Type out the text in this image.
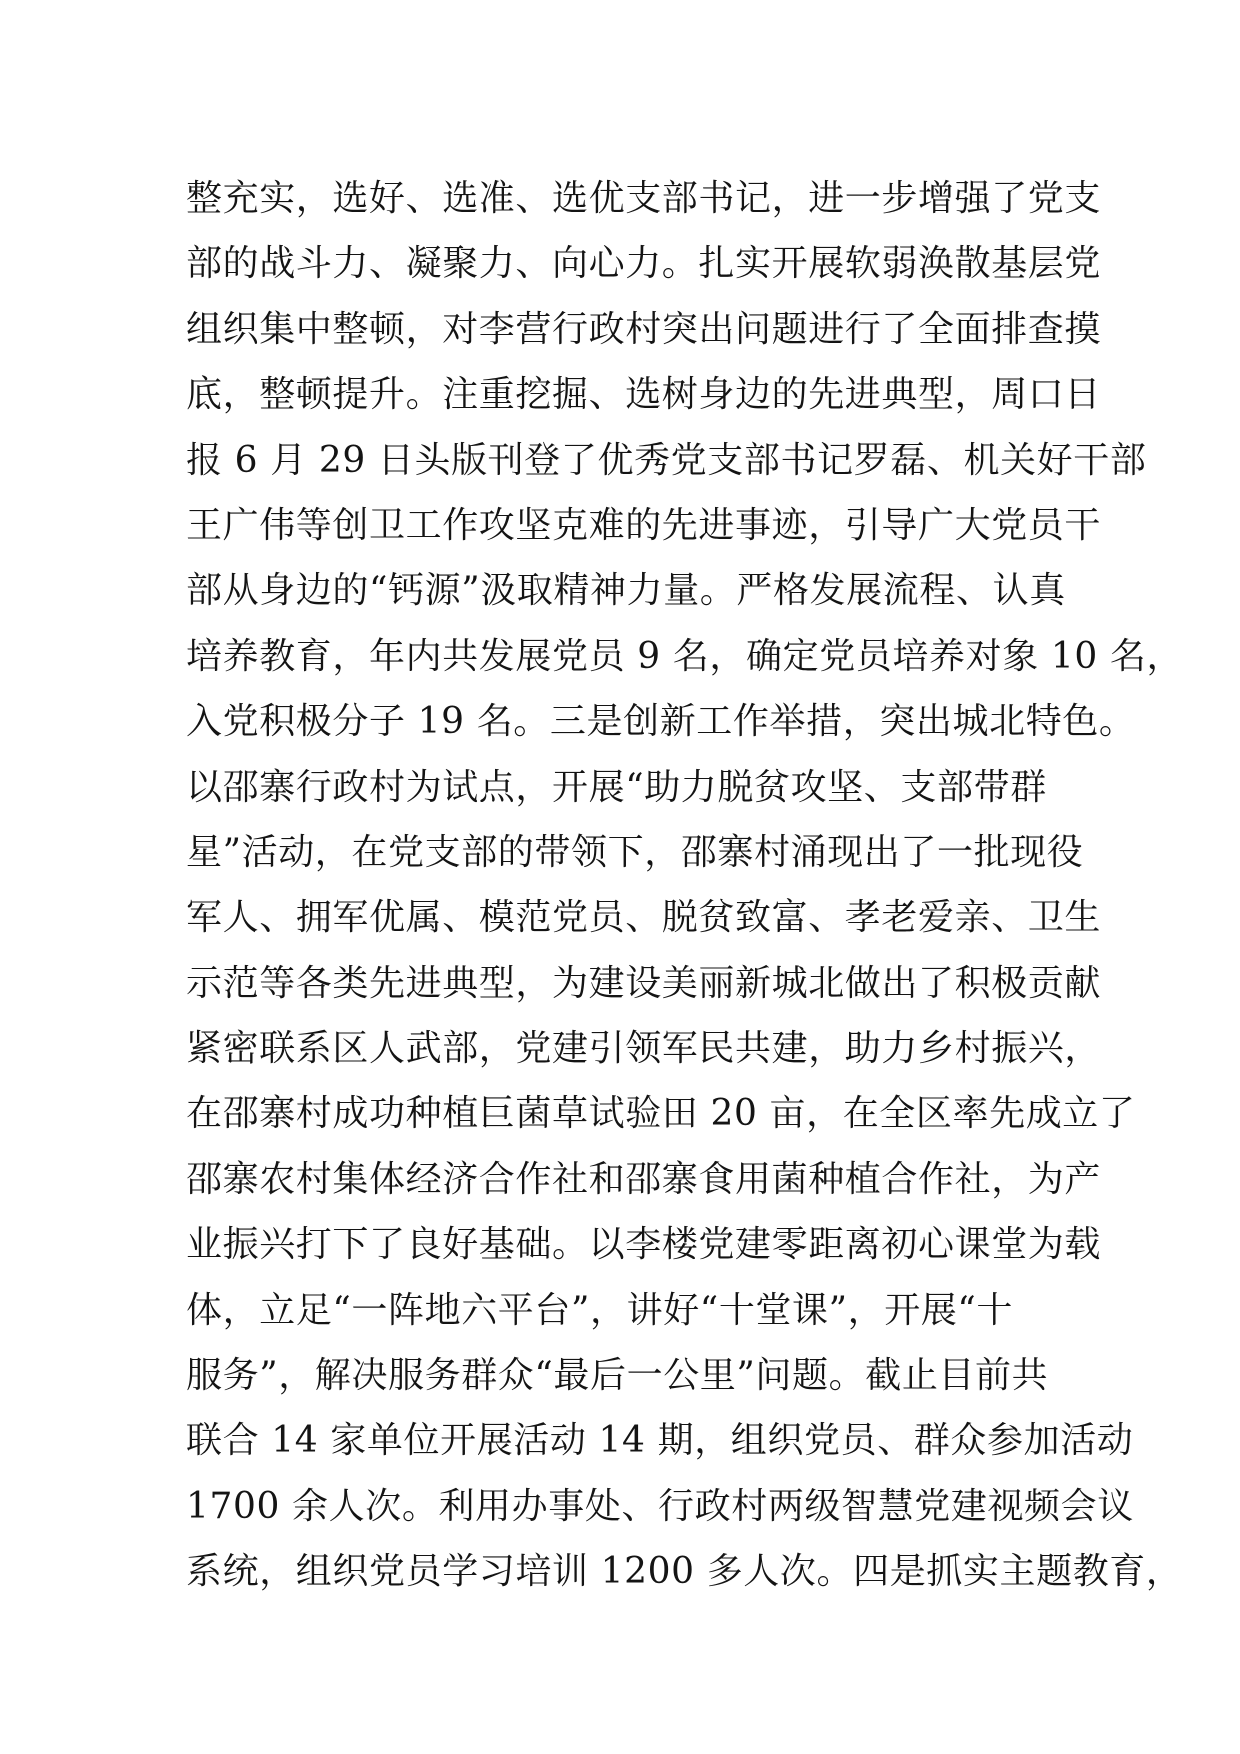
整充实，选好、选准、选优支部书记，进一步增强了党支
部的战斗力、凝聚力、向心力。扎实开展软弱涣散基层党
组织集中整顿，对李营行政村突出问题进行了全面排查摸
底，整顿提升。注重挖掘、选树身边的先进典型，周口日
报 6 月 29 日头版刊登了优秀党支部书记罗磊、机关好干部
王广伟等创卫工作攻坚克难的先进事迹，引导广大党员干
部从身边的“钙源”汲取精神力量。严格发展流程、认真
培养教育，年内共发展党员 9 名，确定党员培养对象 10 名，
入党积极分子 19 名。三是创新工作举措，突出城北特色。
以邵寨行政村为试点，开展“助力脱贫攻坚、支部带群
星”活动，在党支部的带领下，邵寨村涌现出了一批现役
军人、拥军优属、模范党员、脱贫致富、孝老爱亲、卫生
示范等各类先进典型，为建设美丽新城北做出了积极贡献
紧密联系区人武部，党建引领军民共建，助力乡村振兴，
在邵寨村成功种植巨菌草试验田 20 亩，在全区率先成立了
邵寨农村集体经济合作社和邵寨食用菌种植合作社，为产
业振兴打下了良好基础。以李楼党建零距离初心课堂为载
体，立足“一阵地六平台”，讲好“十堂课”，开展“十
服务”，解决服务群众“最后一公里”问题。截止目前共
联合 14 家单位开展活动 14 期，组织党员、群众参加活动
1700 余人次。利用办事处、行政村两级智慧党建视频会议
系统，组织党员学习培训 1200 多人次。四是抓实主题教育，
